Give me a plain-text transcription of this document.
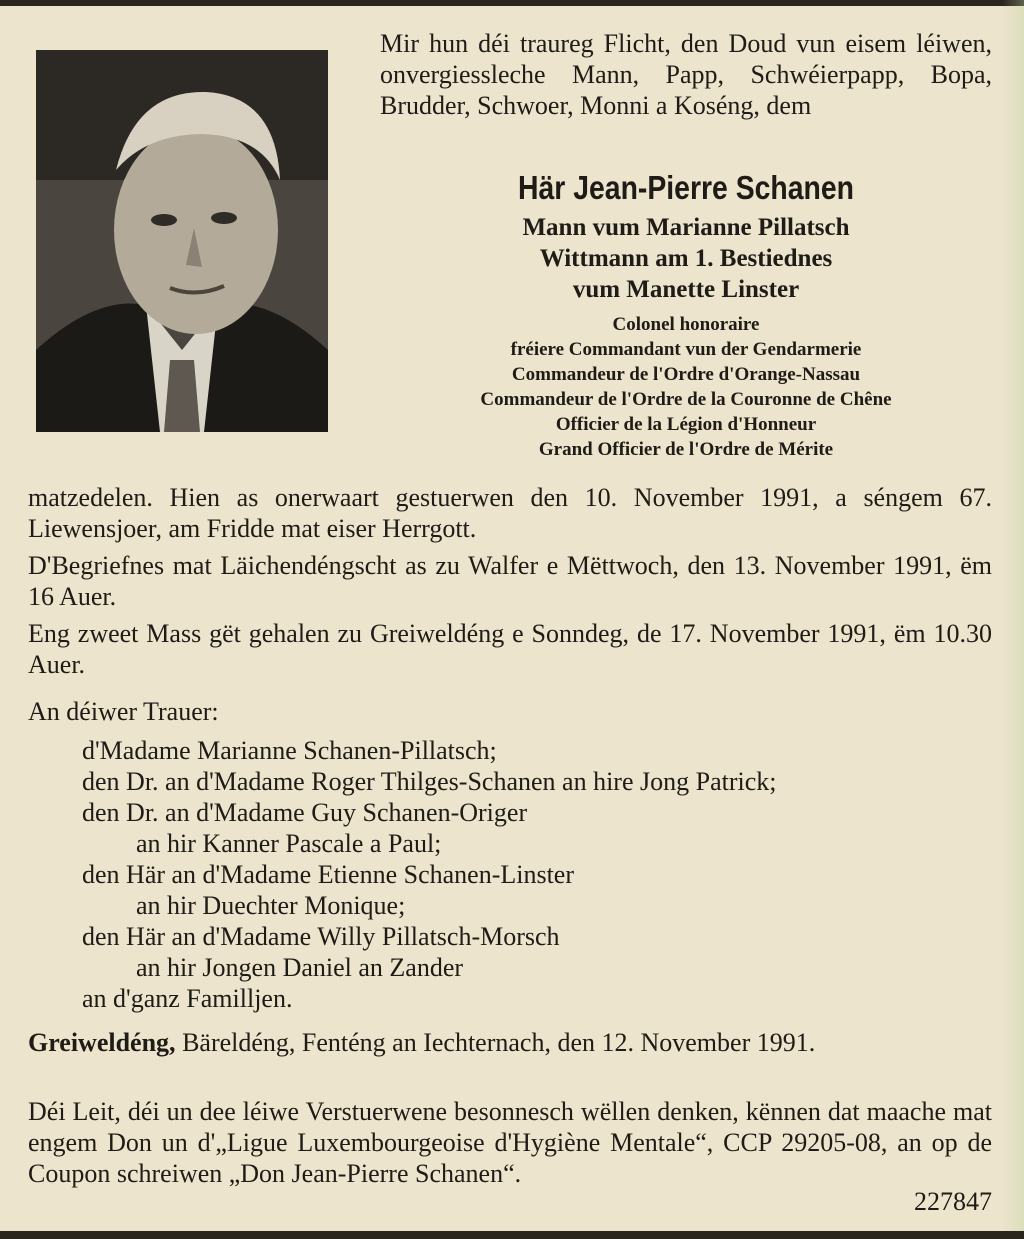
Mir hun déi traureg Flicht, den Doud vun eisem léiwen, onvergiessleche Mann, Papp, Schwéierpapp, Bopa, Brudder, Schwoer, Monni a Koséng, dem

Här Jean-Pierre Schanen

Mann vum Marianne Pillatsch

Wittmann am 1. Bestiednes

vum Manette Linster

Colonel honoraire

fréiere Commandant vun der Gendarmerie

Commandeur de l'Ordre d'Orange-Nassau

Commandeur de l'Ordre de la Couronne de Chêne

Officier de la Légion d'Honneur

Grand Officier de l'Ordre de Mérite

matzedelen. Hien as onerwaart gestuerwen den 10. November 1991, a séngem 67. Liewensjoer, am Fridde mat eiser Herrgott.

D'Begriefnes mat Läichendéngscht as zu Walfer e Mëttwoch, den 13. November 1991, ëm 16 Auer.

Eng zweet Mass gët gehalen zu Greiweldéng e Sonndeg, de 17. November 1991, ëm 10.30 Auer.

An déiwer Trauer:

d'Madame Marianne Schanen-Pillatsch;

den Dr. an d'Madame Roger Thilges-Schanen an hire Jong Patrick;

den Dr. an d'Madame Guy Schanen-Origer

an hir Kanner Pascale a Paul;

den Här an d'Madame Etienne Schanen-Linster

an hir Duechter Monique;

den Här an d'Madame Willy Pillatsch-Morsch

an hir Jongen Daniel an Zander

an d'ganz Familljen.

Greiweldéng, Bäreldéng, Fenténg an Iechternach, den 12. November 1991.

Déi Leit, déi un dee léiwe Verstuerwene besonnesch wëllen denken, kënnen dat maache mat engem Don un d'„Ligue Luxembourgeoise d'Hygiène Mentale“, CCP 29205-08, an op de Coupon schreiwen „Don Jean-Pierre Schanen“.

227847
